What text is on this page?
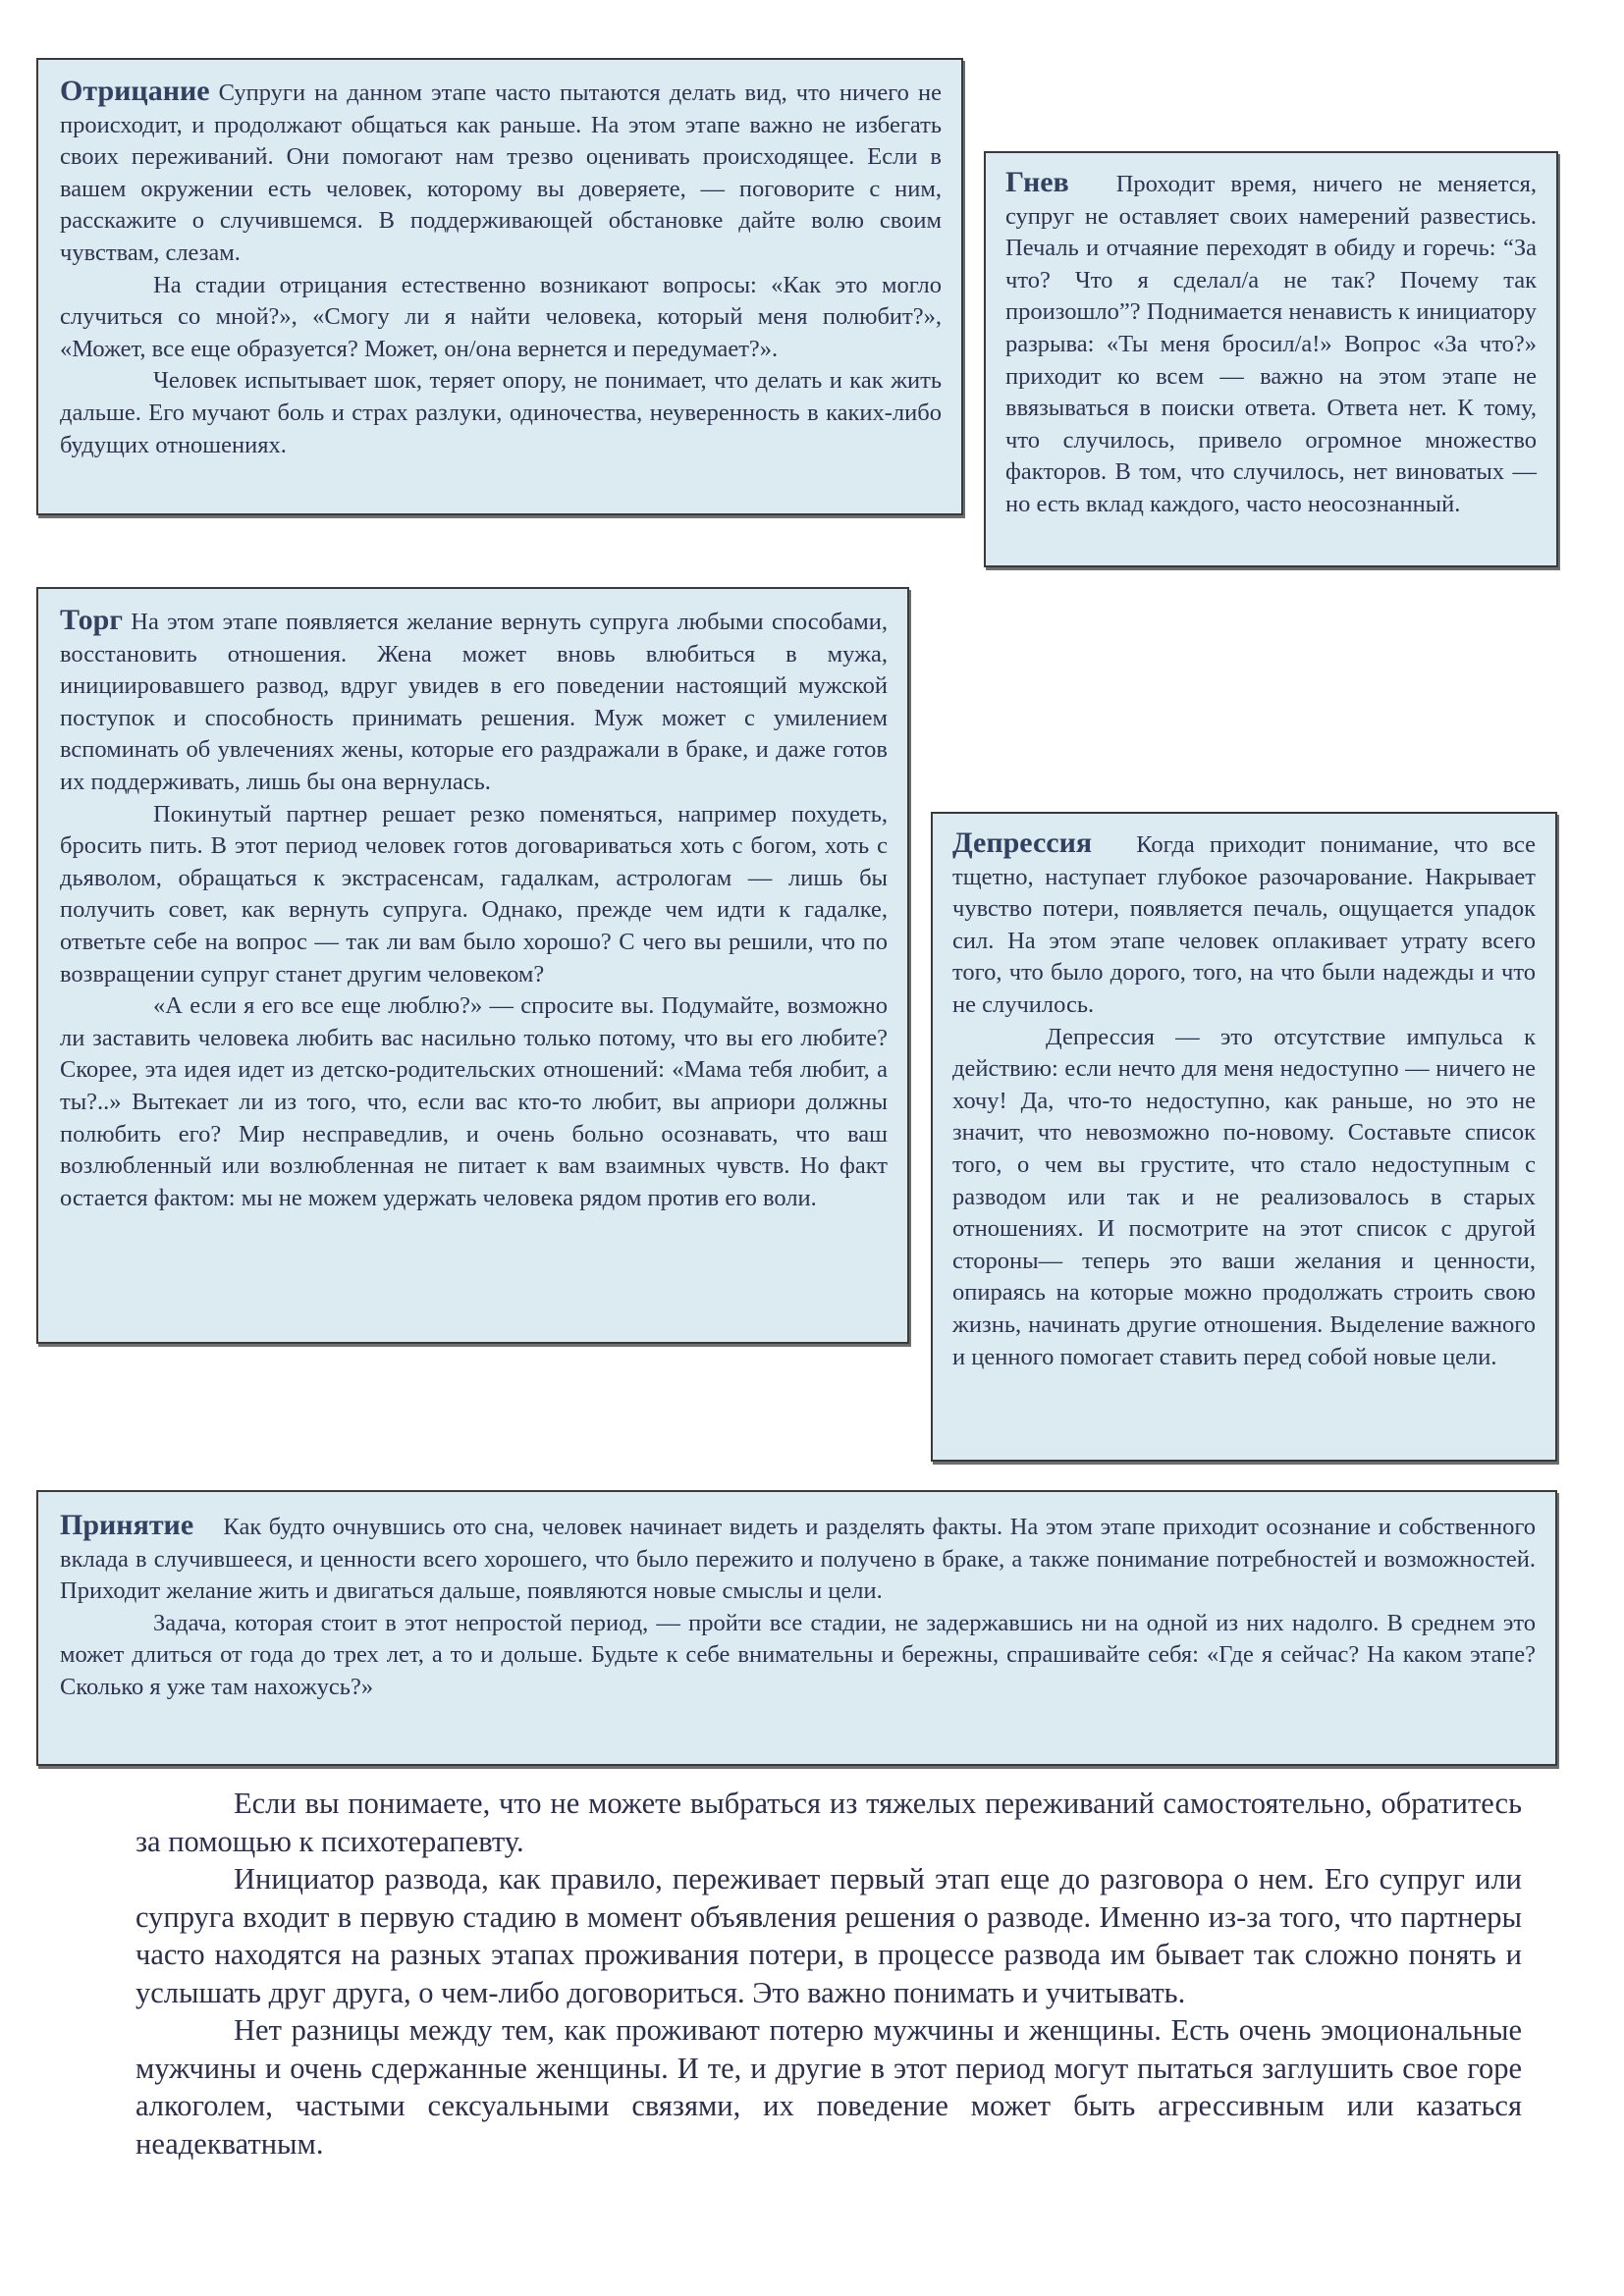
Отрицание Супруги на данном этапе часто пытаются делать вид, что ничего не происходит, и продолжают общаться как раньше. На этом этапе важно не избегать своих переживаний. Они помогают нам трезво оценивать происходящее. Если в вашем окружении есть человек, которому вы доверяете, — поговорите с ним, расскажите о случившемся. В поддерживающей обстановке дайте волю своим чувствам, слезам.

На стадии отрицания естественно возникают вопросы: «Как это могло случиться со мной?», «Смогу ли я найти человека, который меня полюбит?», «Может, все еще образуется? Может, он/она вернется и передумает?».

Человек испытывает шок, теряет опору, не понимает, что делать и как жить дальше. Его мучают боль и страх разлуки, одиночества, неуверенность в каких-либо будущих отношениях.

Гнев Проходит время, ничего не меняется, супруг не оставляет своих намерений развестись. Печаль и отчаяние переходят в обиду и горечь: “За что? Что я сделал/а не так? Почему так произошло”? Поднимается ненависть к инициатору разрыва: «Ты меня бросил/а!» Вопрос «За что?» приходит ко всем — важно на этом этапе не ввязываться в поиски ответа. Ответа нет. К тому, что случилось, привело огромное множество факторов. В том, что случилось, нет виноватых — но есть вклад каждого, часто неосознанный.

Торг На этом этапе появляется желание вернуть супруга любыми способами, восстановить отношения. Жена может вновь влюбиться в мужа, инициировавшего развод, вдруг увидев в его поведении настоящий мужской поступок и способность принимать решения. Муж может с умилением вспоминать об увлечениях жены, которые его раздражали в браке, и даже готов их поддерживать, лишь бы она вернулась.

Покинутый партнер решает резко поменяться, например похудеть, бросить пить. В этот период человек готов договариваться хоть с богом, хоть с дьяволом, обращаться к экстрасенсам, гадалкам, астрологам — лишь бы получить совет, как вернуть супруга. Однако, прежде чем идти к гадалке, ответьте себе на вопрос — так ли вам было хорошо? С чего вы решили, что по возвращении супруг станет другим человеком?

«А если я его все еще люблю?» — спросите вы. Подумайте, возможно ли заставить человека любить вас насильно только потому, что вы его любите? Скорее, эта идея идет из детско-родительских отношений: «Мама тебя любит, а ты?..» Вытекает ли из того, что, если вас кто-то любит, вы априори должны полюбить его? Мир несправедлив, и очень больно осознавать, что ваш возлюбленный или возлюбленная не питает к вам взаимных чувств. Но факт остается фактом: мы не можем удержать человека рядом против его воли.

Депрессия Когда приходит понимание, что все тщетно, наступает глубокое разочарование. Накрывает чувство потери, появляется печаль, ощущается упадок сил. На этом этапе человек оплакивает утрату всего того, что было дорого, того, на что были надежды и что не случилось.

Депрессия — это отсутствие импульса к действию: если нечто для меня недоступно — ничего не хочу! Да, что-то недоступно, как раньше, но это не значит, что невозможно по-новому. Составьте список того, о чем вы грустите, что стало недоступным с разводом или так и не реализовалось в старых отношениях. И посмотрите на этот список с другой стороны— теперь это ваши желания и ценности, опираясь на которые можно продолжать строить свою жизнь, начинать другие отношения. Выделение важного и ценного помогает ставить перед собой новые цели.

Принятие Как будто очнувшись ото сна, человек начинает видеть и разделять факты. На этом этапе приходит осознание и собственного вклада в случившееся, и ценности всего хорошего, что было пережито и получено в браке, а также понимание потребностей и возможностей. Приходит желание жить и двигаться дальше, появляются новые смыслы и цели.

Задача, которая стоит в этот непростой период, — пройти все стадии, не задержавшись ни на одной из них надолго. В среднем это может длиться от года до трех лет, а то и дольше. Будьте к себе внимательны и бережны, спрашивайте себя: «Где я сейчас? На каком этапе? Сколько я уже там нахожусь?»

Если вы понимаете, что не можете выбраться из тяжелых переживаний самостоятельно, обратитесь за помощью к психотерапевту.

Инициатор развода, как правило, переживает первый этап еще до разговора о нем. Его супруг или супруга входит в первую стадию в момент объявления решения о разводе. Именно из-за того, что партнеры часто находятся на разных этапах проживания потери, в процессе развода им бывает так сложно понять и услышать друг друга, о чем-либо договориться. Это важно понимать и учитывать.

Нет разницы между тем, как проживают потерю мужчины и женщины. Есть очень эмоциональные мужчины и очень сдержанные женщины. И те, и другие в этот период могут пытаться заглушить свое горе алкоголем, частыми сексуальными связями, их поведение может быть агрессивным или казаться неадекватным.
